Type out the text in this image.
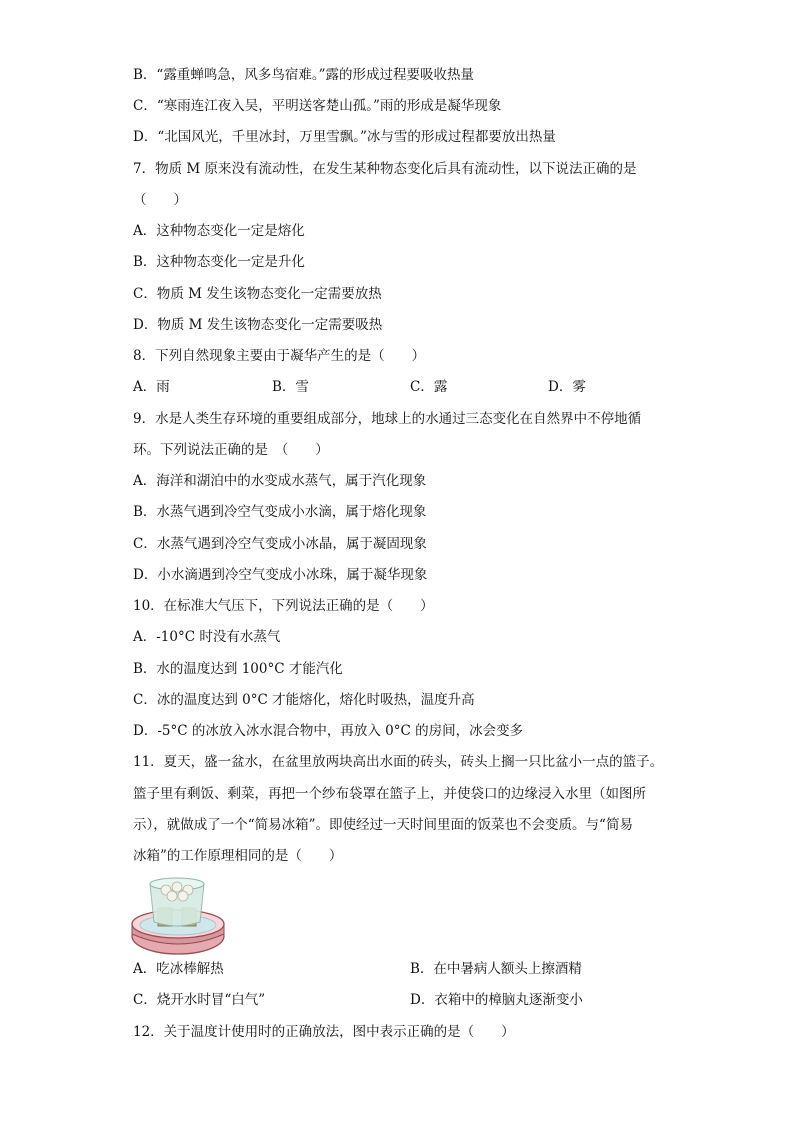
B．“露重蝉鸣急，风多鸟宿难。”露的形成过程要吸收热量
C．“寒雨连江夜入吴，平明送客楚山孤。”雨的形成是凝华现象
D．“北国风光，千里冰封，万里雪飘。”冰与雪的形成过程都要放出热量
7．物质 M 原来没有流动性，在发生某种物态变化后具有流动性，以下说法正确的是
（　　）
A．这种物态变化一定是熔化
B．这种物态变化一定是升化
C．物质 M 发生该物态变化一定需要放热
D．物质 M 发生该物态变化一定需要吸热
8．下列自然现象主要由于凝华产生的是（　　）
A．雨	B．雪	C．露	D．雾
9．水是人类生存环境的重要组成部分，地球上的水通过三态变化在自然界中不停地循
环。下列说法正确的是　（　　）
A．海洋和湖泊中的水变成水蒸气，属于汽化现象
B．水蒸气遇到冷空气变成小水滴，属于熔化现象
C．水蒸气遇到冷空气变成小冰晶，属于凝固现象
D．小水滴遇到冷空气变成小冰珠，属于凝华现象
10．在标准大气压下，下列说法正确的是（　　）
A．-10°C 时没有水蒸气
B．水的温度达到 100°C 才能汽化
C．冰的温度达到 0°C 才能熔化，熔化时吸热，温度升高
D．-5°C 的冰放入冰水混合物中，再放入 0°C 的房间，冰会变多
11．夏天，盛一盆水，在盆里放两块高出水面的砖头，砖头上搁一只比盆小一点的篮子。
篮子里有剩饭、剩菜，再把一个纱布袋罩在篮子上，并使袋口的边缘浸入水里（如图所
示），就做成了一个“简易冰箱”。即使经过一天时间里面的饭菜也不会变质。与“简易
冰箱”的工作原理相同的是（　　）
A．吃冰棒解热	B．在中暑病人额头上擦酒精
C．烧开水时冒“白气”	D．衣箱中的樟脑丸逐渐变小
12．关于温度计使用时的正确放法，图中表示正确的是（　　）
